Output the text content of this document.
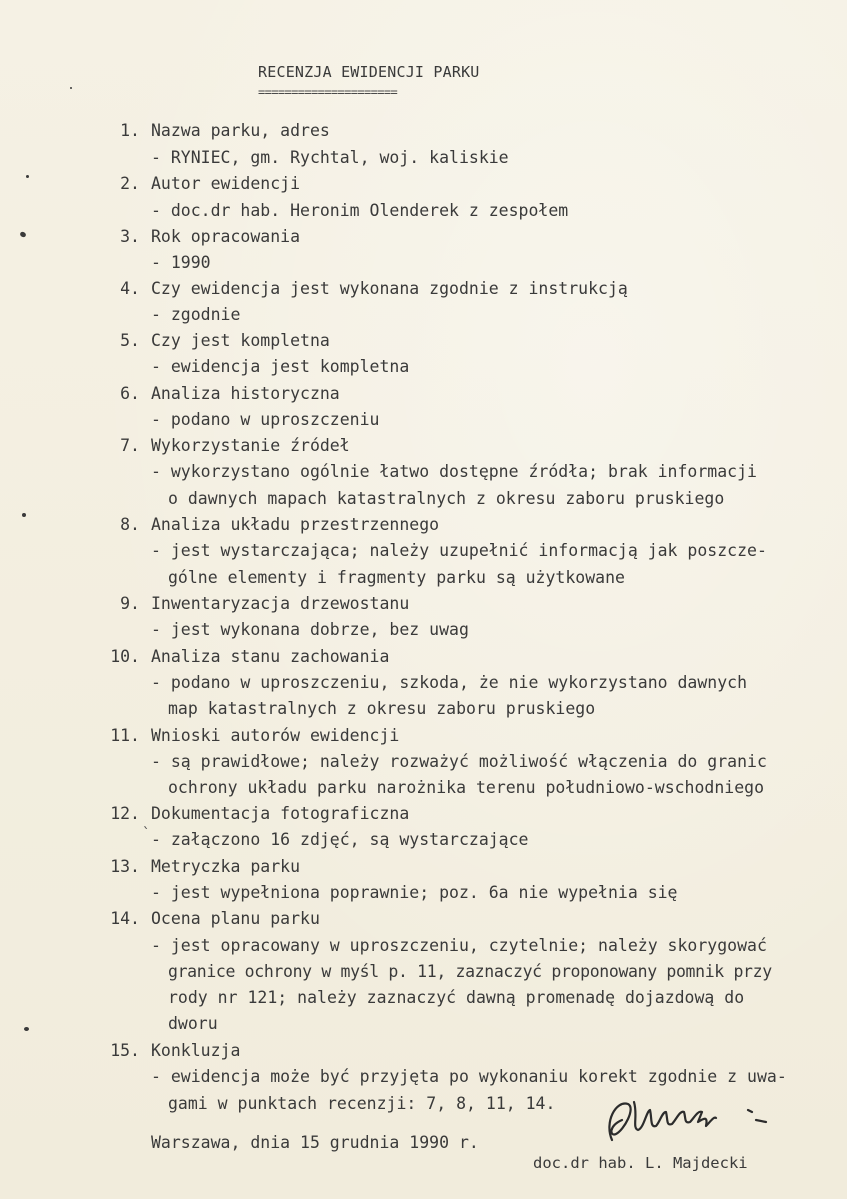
`
RECENZJA EWIDENCJI PARKU
=====================
1. Nazwa parku, adres
- RYNIEC, gm. Rychtal, woj. kaliskie
2. Autor ewidencji
- doc.dr hab. Heronim Olenderek z zespołem
3. Rok opracowania
- 1990
4. Czy ewidencja jest wykonana zgodnie z instrukcją
- zgodnie
5. Czy jest kompletna
- ewidencja jest kompletna
6. Analiza historyczna
- podano w uproszczeniu
7. Wykorzystanie źródeł
- wykorzystano ogólnie łatwo dostępne źródła; brak informacji
o dawnych mapach katastralnych z okresu zaboru pruskiego
8. Analiza układu przestrzennego
- jest wystarczająca; należy uzupełnić informacją jak poszcze-
gólne elementy i fragmenty parku są użytkowane
9. Inwentaryzacja drzewostanu
- jest wykonana dobrze, bez uwag
10. Analiza stanu zachowania
- podano w uproszczeniu, szkoda, że nie wykorzystano dawnych
map katastralnych z okresu zaboru pruskiego
11. Wnioski autorów ewidencji
- są prawidłowe; należy rozważyć możliwość włączenia do granic
ochrony układu parku narożnika terenu południowo-wschodniego
12. Dokumentacja fotograficzna
- załączono 16 zdjęć, są wystarczające
13. Metryczka parku
- jest wypełniona poprawnie; poz. 6a nie wypełnia się
14. Ocena planu parku
- jest opracowany w uproszczeniu, czytelnie; należy skorygować
granice ochrony w myśl p. 11, zaznaczyć proponowany pomnik przy
rody nr 121; należy zaznaczyć dawną promenadę dojazdową do
dworu
15. Konkluzja
- ewidencja może być przyjęta po wykonaniu korekt zgodnie z uwa-
gami w punktach recenzji: 7, 8, 11, 14.
Warszawa, dnia 15 grudnia 1990 r.
doc.dr hab. L. Majdecki
